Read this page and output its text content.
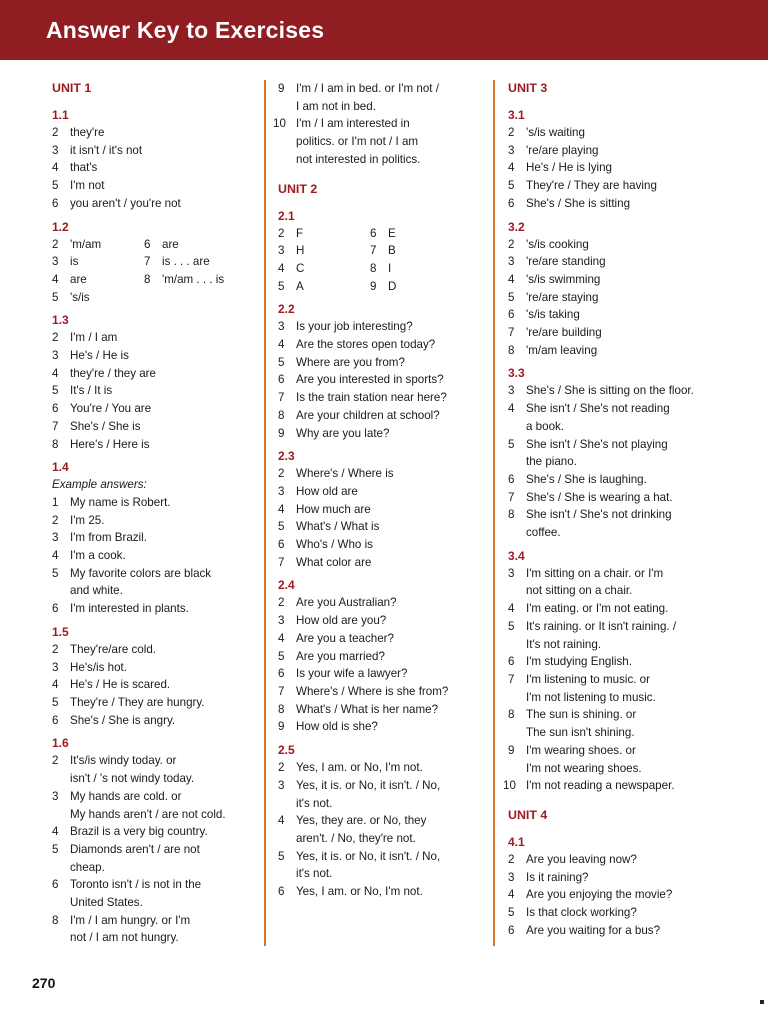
Answer Key to Exercises
UNIT 1
1.1
2 they're
3 it isn't / it's not
4 that's
5 I'm not
6 you aren't / you're not
1.2
2 'm/am	6 are
3 is	7 is . . . are
4 are	8 'm/am . . . is
5 's/is
1.3
2 I'm / I am
3 He's / He is
4 they're / they are
5 It's / It is
6 You're / You are
7 She's / She is
8 Here's / Here is
1.4
Example answers:
1 My name is Robert.
2 I'm 25.
3 I'm from Brazil.
4 I'm a cook.
5 My favorite colors are black
and white.
6 I'm interested in plants.
1.5
2 They're/are cold.
3 He's/is hot.
4 He's / He is scared.
5 They're / They are hungry.
6 She's / She is angry.
1.6
2 It's/is windy today. or
isn't / 's not windy today.
3 My hands are cold. or
My hands aren't / are not cold.
4 Brazil is a very big country.
5 Diamonds aren't / are not
cheap.
6 Toronto isn't / is not in the
United States.
8 I'm / I am hungry. or I'm
not / I am not hungry.
9 I'm / I am in bed. or I'm not /
I am not in bed.
10 I'm / I am interested in
politics. or I'm not / I am
not interested in politics.
UNIT 2
2.1
2 F	6 E
3 H	7 B
4 C	8 I
5 A	9 D
2.2
3 Is your job interesting?
4 Are the stores open today?
5 Where are you from?
6 Are you interested in sports?
7 Is the train station near here?
8 Are your children at school?
9 Why are you late?
2.3
2 Where's / Where is
3 How old are
4 How much are
5 What's / What is
6 Who's / Who is
7 What color are
2.4
2 Are you Australian?
3 How old are you?
4 Are you a teacher?
5 Are you married?
6 Is your wife a lawyer?
7 Where's / Where is she from?
8 What's / What is her name?
9 How old is she?
2.5
2 Yes, I am. or No, I'm not.
3 Yes, it is. or No, it isn't. / No,
it's not.
4 Yes, they are. or No, they
aren't. / No, they're not.
5 Yes, it is. or No, it isn't. / No,
it's not.
6 Yes, I am. or No, I'm not.
UNIT 3
3.1
2 's/is waiting
3 're/are playing
4 He's / He is lying
5 They're / They are having
6 She's / She is sitting
3.2
2 's/is cooking
3 're/are standing
4 's/is swimming
5 're/are staying
6 's/is taking
7 're/are building
8 'm/am leaving
3.3
3 She's / She is sitting on the floor.
4 She isn't / She's not reading
a book.
5 She isn't / She's not playing
the piano.
6 She's / She is laughing.
7 She's / She is wearing a hat.
8 She isn't / She's not drinking
coffee.
3.4
3 I'm sitting on a chair. or I'm
not sitting on a chair.
4 I'm eating. or I'm not eating.
5 It's raining. or It isn't raining. /
It's not raining.
6 I'm studying English.
7 I'm listening to music. or
I'm not listening to music.
8 The sun is shining. or
The sun isn't shining.
9 I'm wearing shoes. or
I'm not wearing shoes.
10 I'm not reading a newspaper.
UNIT 4
4.1
2 Are you leaving now?
3 Is it raining?
4 Are you enjoying the movie?
5 Is that clock working?
6 Are you waiting for a bus?
270
